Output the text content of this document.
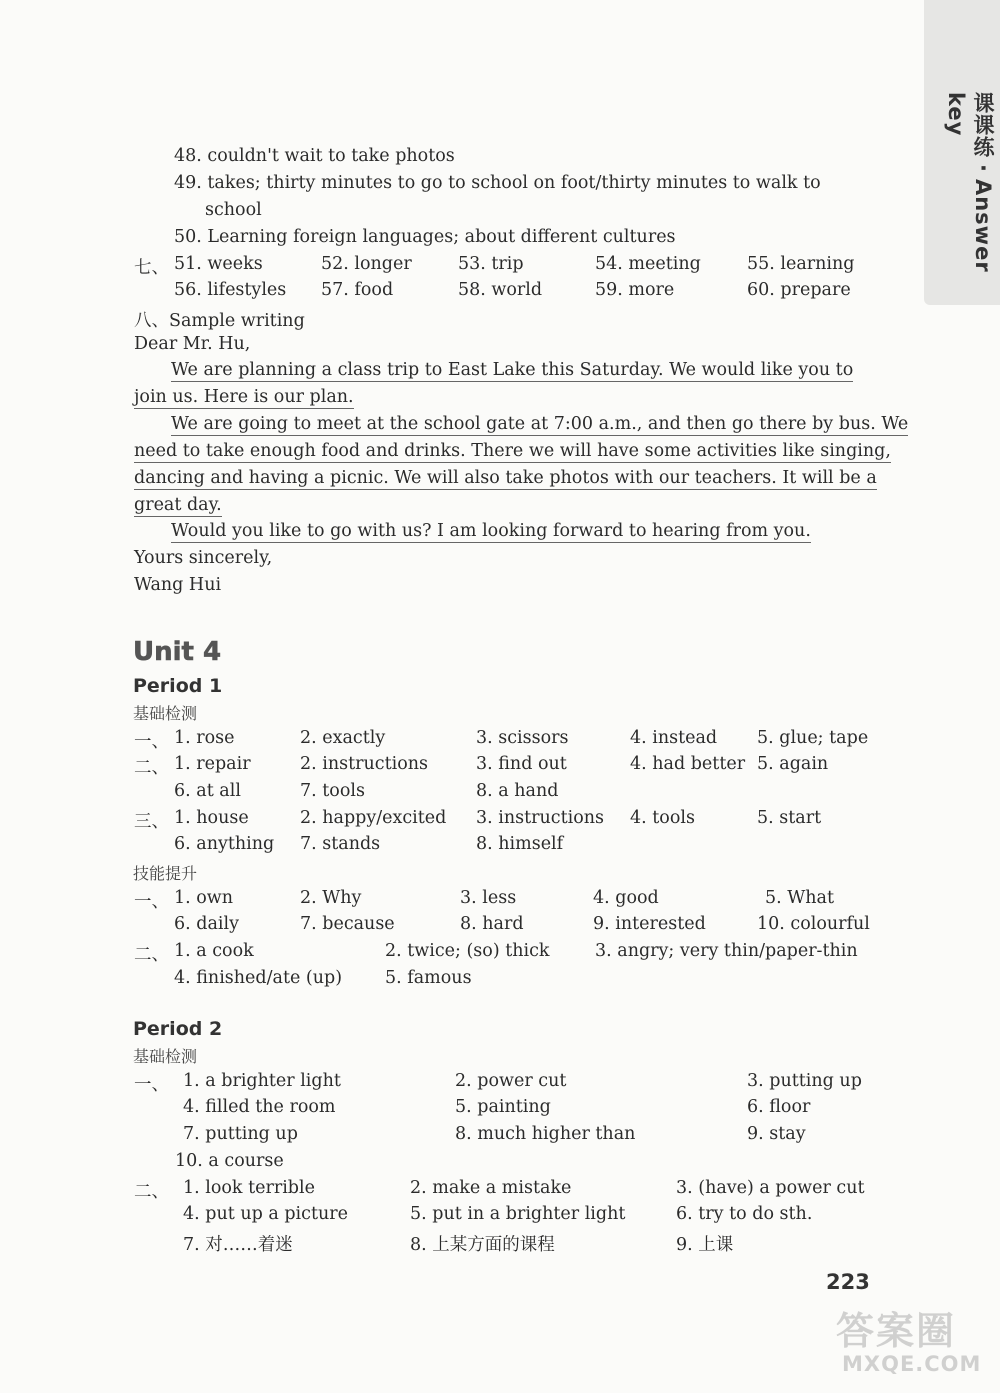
课课练·Answer key
48. couldn't wait to take photos
49. takes; thirty minutes to go to school on foot/thirty minutes to walk to
school
50. Learning foreign languages; about different cultures
七、 51. weeks	52. longer	53. trip	54. meeting	55. learning
56. lifestyles 57. food	58. world	59. more	60. prepare
八、Sample writing
Dear Mr. Hu,
We are planning a class trip to East Lake this Saturday. We would like you to
join us. Here is our plan.
We are going to meet at the school gate at 7:00 a.m., and then go there by bus. We
need to take enough food and drinks. There we will have some activities like singing,
dancing and having a picnic. We will also take photos with our teachers. It will be a
great day.
Would you like to go with us? I am looking forward to hearing from you.
Yours sincerely,
Wang Hui
Unit 4
Period 1
基础检测
一、 1. rose	2. exactly	3. scissors	4. instead 5. glue; tape
二、 1. repair	2. instructions	3. find out	4. had better 5. again
6. at all	7. tools	8. a hand
三、 1. house	2. happy/excited 3. instructions 4. tools	5. start
6. anything 7. stands	8. himself
技能提升
一、 1. own	2. Why	3. less	4. good	5. What
6. daily	7. because	8. hard	9. interested	10. colourful
二、 1. a cook	2. twice; (so) thick	3. angry; very thin/paper-thin
4. finished/ate (up) 5. famous
Period 2
基础检测
一、 1. a brighter light	2. power cut	3. putting up
4. filled the room	5. painting	6. floor
7. putting up	8. much higher than	9. stay
10. a course
二、 1. look terrible	2. make a mistake	3. (have) a power cut
4. put up a picture	5. put in a brighter light	6. try to do sth.
7. 对……着迷	8. 上某方面的课程	9. 上课
223
答案圈
MXQE.COM
